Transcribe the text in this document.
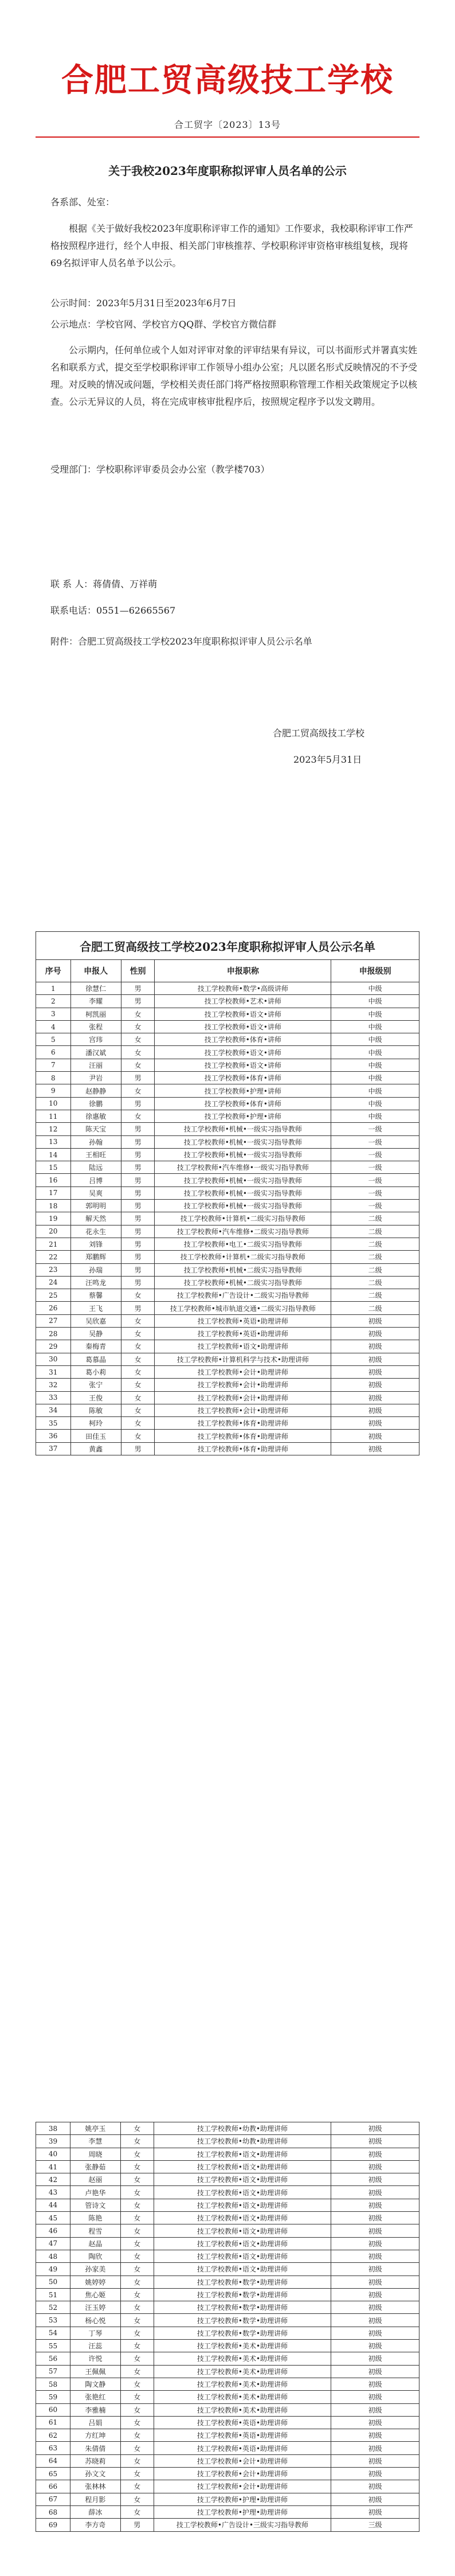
合肥工贸高级技工学校
合工贸字〔2023〕13号
关于我校2023年度职称拟评审人员名单的公示
各系部、处室：
根据《关于做好我校2023年度职称评审工作的通知》工作要求，我校职称评审工作严格按照程序进行，经个人申报、相关部门审核推荐、学校职称评审资格审核组复核，现将69名拟评审人员名单予以公示。
公示时间：2023年5月31日至2023年6月7日
公示地点：学校官网、学校官方QQ群、学校官方微信群
公示期内，任何单位或个人如对评审对象的评审结果有异议，可以书面形式并署真实姓名和联系方式，提交至学校职称评审工作领导小组办公室；凡以匿名形式反映情况的不予受理。对反映的情况或问题，学校相关责任部门将严格按照职称管理工作相关政策规定予以核查。公示无异议的人员，将在完成审核审批程序后，按照规定程序予以发文聘用。
受理部门：学校职称评审委员会办公室（教学楼703）
联 系 人：蒋倩倩、万祥萌
联系电话：0551—62665567
附件：合肥工贸高级技工学校2023年度职称拟评审人员公示名单
合肥工贸高级技工学校
2023年5月31日
合肥工贸高级技工学校2023年度职称拟评审人员公示名单				
序号	申报人	性别	申报职称	申报级别
1	徐慧仁	男	技工学校教师•数学•高级讲师	中级
2	李耀	男	技工学校教师•艺术•讲师	中级
3	柯凯丽	女	技工学校教师•语文•讲师	中级
4	张程	女	技工学校教师•语文•讲师	中级
5	宫玮	女	技工学校教师•体育•讲师	中级
6	潘汉斌	女	技工学校教师•语文•讲师	中级
7	汪丽	女	技工学校教师•语文•讲师	中级
8	尹岩	男	技工学校教师•体育•讲师	中级
9	赵静静	女	技工学校教师•护理•讲师	中级
10	徐鹏	男	技工学校教师•体育•讲师	中级
11	徐惠敏	女	技工学校教师•护理•讲师	中级
12	陈天宝	男	技工学校教师•机械•一级实习指导教师	一级
13	孙翰	男	技工学校教师•机械•一级实习指导教师	一级
14	王相旺	男	技工学校教师•机械•一级实习指导教师	一级
15	陆远	男	技工学校教师•汽车维修•一级实习指导教师	一级
16	吕博	男	技工学校教师•机械•一级实习指导教师	一级
17	吴爽	男	技工学校教师•机械•一级实习指导教师	一级
18	郭明明	男	技工学校教师•机械•一级实习指导教师	一级
19	解天然	男	技工学校教师•计算机•二级实习指导教师	二级
20	花永生	男	技工学校教师•汽车维修•二级实习指导教师	二级
21	刘锋	男	技工学校教师•电工•二级实习指导教师	二级
22	郑鹏辉	男	技工学校教师•计算机•二级实习指导教师	二级
23	孙瑞	男	技工学校教师•机械•二级实习指导教师	二级
24	汪鸣龙	男	技工学校教师•机械•二级实习指导教师	二级
25	蔡馨	女	技工学校教师•广告设计•二级实习指导教师	二级
26	王飞	男	技工学校教师•城市轨道交通•二级实习指导教师	二级
27	吴欣嘉	女	技工学校教师•英语•助理讲师	初级
28	吴静	女	技工学校教师•英语•助理讲师	初级
29	秦梅青	女	技工学校教师•语文•助理讲师	初级
30	葛慕晶	女	技工学校教师•计算机科学与技术•助理讲师	初级
31	葛小莉	女	技工学校教师•会计•助理讲师	初级
32	张宁	女	技工学校教师•会计•助理讲师	初级
33	王俊	女	技工学校教师•会计•助理讲师	初级
34	陈敏	女	技工学校教师•会计•助理讲师	初级
35	柯玲	女	技工学校教师•体育•助理讲师	初级
36	田佳玉	女	技工学校教师•体育•助理讲师	初级
37	黄鑫	男	技工学校教师•体育•助理讲师	初级
38	姚亭玉	女	技工学校教师•幼教•助理讲师	初级
39	李慧	女	技工学校教师•幼教•助理讲师	初级
40	周晓	女	技工学校教师•语文•助理讲师	初级
41	张静茹	女	技工学校教师•语文•助理讲师	初级
42	赵丽	女	技工学校教师•语文•助理讲师	初级
43	卢艳华	女	技工学校教师•语文•助理讲师	初级
44	管诗文	女	技工学校教师•语文•助理讲师	初级
45	陈艳	女	技工学校教师•语文•助理讲师	初级
46	程雪	女	技工学校教师•语文•助理讲师	初级
47	赵晶	女	技工学校教师•语文•助理讲师	初级
48	陶欣	女	技工学校教师•语文•助理讲师	初级
49	孙家美	女	技工学校教师•语文•助理讲师	初级
50	姚婷婷	女	技工学校教师•数学•助理讲师	初级
51	焦心姬	女	技工学校教师•数学•助理讲师	初级
52	汪玉婷	女	技工学校教师•数学•助理讲师	初级
53	杨心悦	女	技工学校教师•数学•助理讲师	初级
54	丁琴	女	技工学校教师•数学•助理讲师	初级
55	汪蕊	女	技工学校教师•美术•助理讲师	初级
56	许悦	女	技工学校教师•美术•助理讲师	初级
57	王佩佩	女	技工学校教师•美术•助理讲师	初级
58	陶文静	女	技工学校教师•美术•助理讲师	初级
59	张艳红	女	技工学校教师•美术•助理讲师	初级
60	李雅楠	女	技工学校教师•美术•助理讲师	初级
61	吕娟	女	技工学校教师•英语•助理讲师	初级
62	方红坤	女	技工学校教师•英语•助理讲师	初级
63	朱倩倩	女	技工学校教师•英语•助理讲师	初级
64	苏晓莉	女	技工学校教师•会计•助理讲师	初级
65	孙文文	女	技工学校教师•会计•助理讲师	初级
66	张林林	女	技工学校教师•会计•助理讲师	初级
67	程月影	女	技工学校教师•护理•助理讲师	初级
68	薛冰	女	技工学校教师•护理•助理讲师	初级
69	李方奇	男	技工学校教师•广告设计•三级实习指导教师	三级
